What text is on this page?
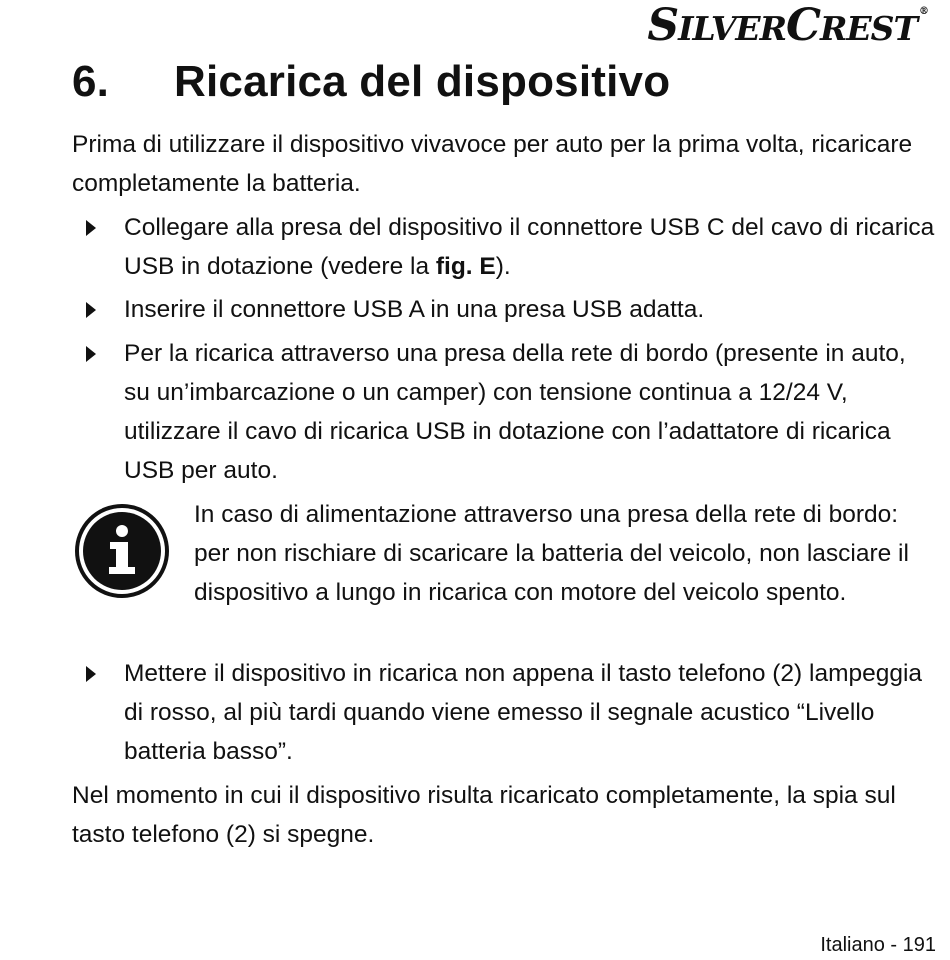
SILVERCREST ®
6. Ricarica del dispositivo

Prima di utilizzare il dispositivo vivavoce per auto per la prima volta, ricaricare completamente la batteria.

Collegare alla presa del dispositivo il connettore USB C del cavo di ricarica USB in dotazione (vedere la fig. E).

Inserire il connettore USB A in una presa USB adatta.

Per la ricarica attraverso una presa della rete di bordo (presente in auto, su un’imbarcazione o un camper) con tensione continua a 12/24 V, utilizzare il cavo di ricarica USB in dotazione con l’adattatore di ricarica USB per auto.

In caso di alimentazione attraverso una presa della rete di bordo: per non rischiare di scaricare la batteria del veicolo, non lasciare il dispositivo a lungo in ricarica con motore del veicolo spento.

Mettere il dispositivo in ricarica non appena il tasto telefono (2) lampeggia di rosso, al più tardi quando viene emesso il segnale acustico “Livello batteria basso”.

Nel momento in cui il dispositivo risulta ricaricato completamente, la spia sul tasto telefono (2) si spegne.

Italiano - 191
